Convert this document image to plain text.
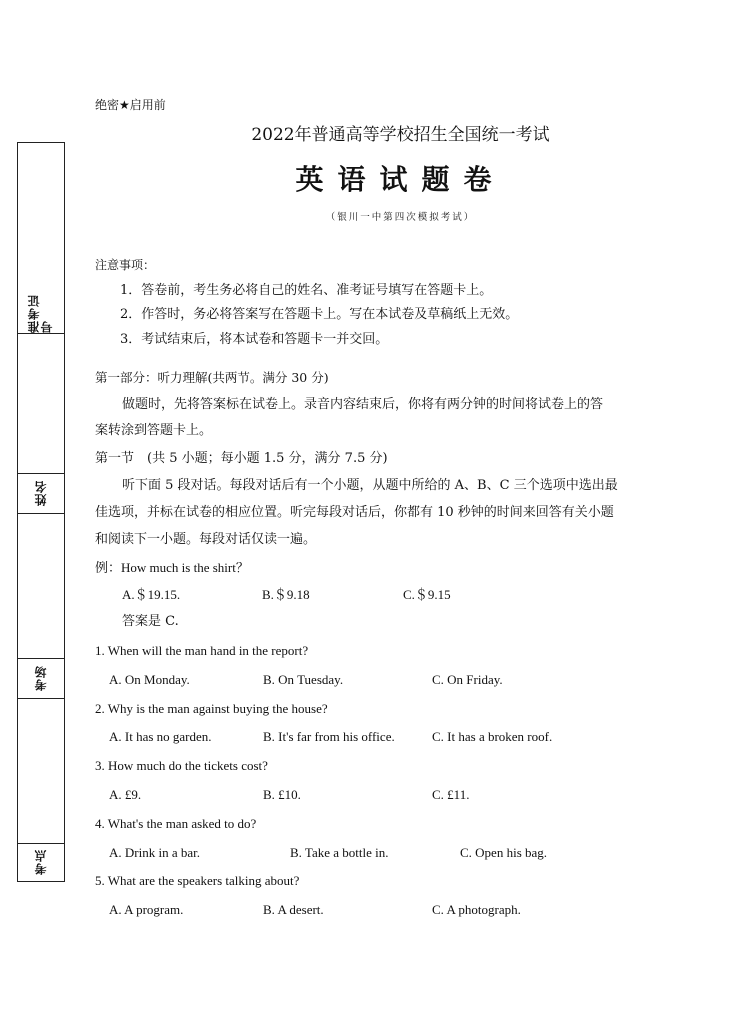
准考证号
姓名
考场
考点
绝密★启用前
2022年普通高等学校招生全国统一考试
英语试题卷
（银川一中第四次模拟考试）
注意事项：
1．答卷前，考生务必将自己的姓名、准考证号填写在答题卡上。
2．作答时，务必将答案写在答题卡上。写在本试卷及草稿纸上无效。
3．考试结束后，将本试卷和答题卡一并交回。
第一部分：听力理解(共两节。满分 30 分)
做题时，先将答案标在试卷上。录音内容结束后，你将有两分钟的时间将试卷上的答
案转涂到答题卡上。
第一节　(共 5 小题；每小题 1.5 分，满分 7.5 分)
听下面 5 段对话。每段对话后有一个小题，从题中所给的 A、B、C 三个选项中选出最
佳选项，并标在试卷的相应位置。听完每段对话后，你都有 10 秒钟的时间来回答有关小题
和阅读下一小题。每段对话仅读一遍。
例：How much is the shirt？
A.＄19.15.	B.＄9.18	C.＄9.15
答案是 C.
1. When will the man hand in the report?
A. On Monday.	B. On Tuesday.	C. On Friday.
2. Why is the man against buying the house?
A. It has no garden.	B. It's far from his office.	C. It has a broken roof.
3. How much do the tickets cost?
A. £9.	B. £10.	C. £11.
4. What's the man asked to do?
A. Drink in a bar.	B. Take a bottle in.	C. Open his bag.
5. What are the speakers talking about?
A. A program.	B. A desert.	C. A photograph.
